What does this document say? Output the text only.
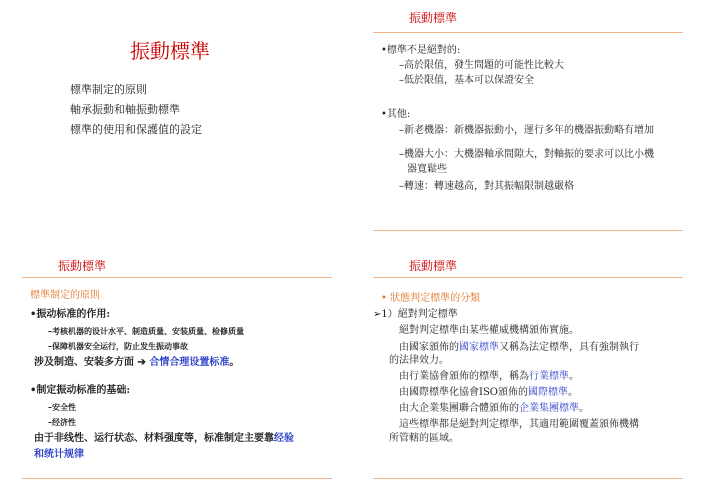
振動標準
標準制定的原則
軸承振動和軸振動標準
標準的使用和保護值的設定
振動標準
•標準不是絕對的:
–高於限值，發生問題的可能性比較大
–低於限值，基本可以保證安全
•其他:
–新老機器：新機器振動小，運行多年的機器振動略有增加
–機器大小：大機器軸承間隙大，對軸振的要求可以比小機
器寬鬆些
–轉速：轉速越高，對其振幅限制越嚴格
振動標準
標準制定的原則
•振动标准的作用:
–考核机器的设计水平、制造质量、安装质量、检修质量
–保障机器安全运行，防止发生振动事故
涉及制造、安装多方面 ➔ 合情合理设置标准。
•制定振动标准的基础:
–安全性
–经济性
由于非线性、运行状态、材料强度等，标准制定主要靠经验
和统计规律
振動標準
• 狀態判定標準的分類
➢1）絕對判定標準
絕對判定標準由某些權威機構頒佈實施。
由國家頒佈的國家標準又稱為法定標準，具有強制執行
的法律效力。
由行業協會頒佈的標準，稱為行業標準。
由國際標準化協會ISO頒佈的國際標準。
由大企業集團聯合體頒佈的企業集團標準。
這些標準都是絕對判定標準，其適用範圍覆蓋頒佈機構
所管轄的區域。
